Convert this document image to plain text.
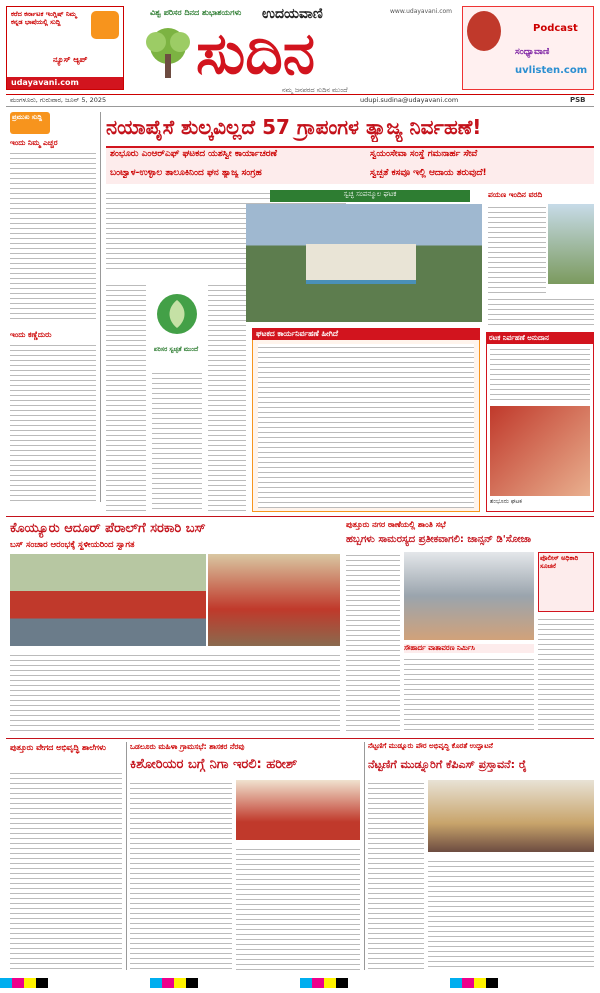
ಕರೆದ ಕರ್ನಾಟಕ ಇಂಗ್ಲಿಷ್ ನಿಮ್ಮ ಕನ್ನಡ ಭಾಷೆಯಲ್ಲಿ ಸುದ್ದಿ
ನ್ಯೂಸ್ ಆ್ಯಪ್
udayavani.com
ವಿಶ್ವ ಪರಿಸರ ದಿನದ ಶುಭಾಶಯಗಳು	ಉದಯವಾಣಿ	www.udayavani.com
ಸುದಿನ
ನಮ್ಮ ಜನಪರದ ಸುದಿನ ಮುಂದೆ
Podcast
ಸಂಧ್ಯಾವಾಣಿ
uvlisten.com
ಮಂಗಳೂರು, ಗುರುವಾರ, ಜೂನ್ 5, 2025	udupi.sudina@udayavani.com	PSB
ಪ್ರಮುಖ ಸುದ್ದಿ
ಇಂದು ನಿಮ್ಮ ಎಚ್ಚರ
ಇಂದು ಕಣ್ಣೆದುರು
ನಯಾಪೈಸೆ ಶುಲ್ಕವಿಲ್ಲದೆ 57 ಗ್ರಾಪಂಗಳ ತ್ಯಾಜ್ಯ ನಿರ್ವಹಣೆ!
ಶಂಭೂರು ಎಂಆರ್‌ಎಫ್‌ ಘಟಕದ ಯಶಸ್ವೀ ಕಾರ್ಯಾಚರಣೆ	ಸ್ವಯಂಸೇವಾ ಸಂಸ್ಥೆ ಗಮನಾರ್ಹ ಸೇವೆ
ಬಂಟ್ವಾಳ-ಉಳ್ಳಾಲ ತಾಲೂಕಿನಿಂದ ಘನ ತ್ಯಾಜ್ಯ ಸಂಗ್ರಹ	ಸ್ವಚ್ಛತೆ ಕಸವೂ ಇಲ್ಲಿ ಆದಾಯ ತರುವುದೆ!
ಸ್ವಚ್ಛ ಸಂಪನ್ಮೂಲ ಘಟಕ
ಪರಿಸರ ಸ್ವಚ್ಛತೆ ಮುಂದೆ
ಘಟಕದ ಕಾರ್ಯನಿರ್ವಹಣೆ ಹೀಗಿದೆ
ಪಯಣ ಇಂದಿನ ವರದಿ
ರಟಕ ನಿರ್ವಹಣೆ ಅನುದಾನ
ಶಂಭೂರು ಘಟಕ
ಕೊಯ್ಯೂರು ಆದೂರ್ ಪೆರಾಲ್‌ಗೆ ಸರಕಾರಿ ಬಸ್
ಬಸ್ ಸಂಚಾರ ಆರಂಭಕ್ಕೆ ಸ್ಥಳೀಯರಿಂದ ಸ್ವಾಗತ
ಪುತ್ತೂರು ನಗರ ಠಾಣೆಯಲ್ಲಿ ಶಾಂತಿ ಸಭೆ
ಹಬ್ಬಗಳು ಸಾಮರಸ್ಯದ ಪ್ರತೀಕವಾಗಲಿ: ಜಾನ್ಸನ್ ಡಿ'ಸೋಜಾ
ಸೌಹಾರ್ದ ವಾತಾವರಣ ನಿರ್ಮಿಸಿ
ಪೊಲೀಸ್ ಅಧಿಕಾರಿ ಸೂಚನೆ
ಪುತ್ತೂರು ವೇಗದ ಅಭಿವೃದ್ಧಿ ಶಾಲೆಗಳು	ಒಡಲೂರು ಮಹಿಳಾ ಗ್ರಾಮಸಭೆ: ಶಾಸಕರ ನೆರವು
ಕಿಶೋರಿಯರ ಬಗ್ಗೆ ನಿಗಾ ಇರಲಿ: ಹರೀಶ್
ನೆಟ್ಟಣಿಗೆ ಮುಡ್ನೂರು ಪೌರ ಅಭಿವೃದ್ಧಿ ಕೊರತೆ ಉದ್ಘಾಟನೆ
ನೆಟ್ಟಣಿಗೆ ಮುಡ್ನೂರಿಗೆ ಕೆಪಿಎಸ್ ಪ್ರಸ್ತಾವನೆ: ರೈ
